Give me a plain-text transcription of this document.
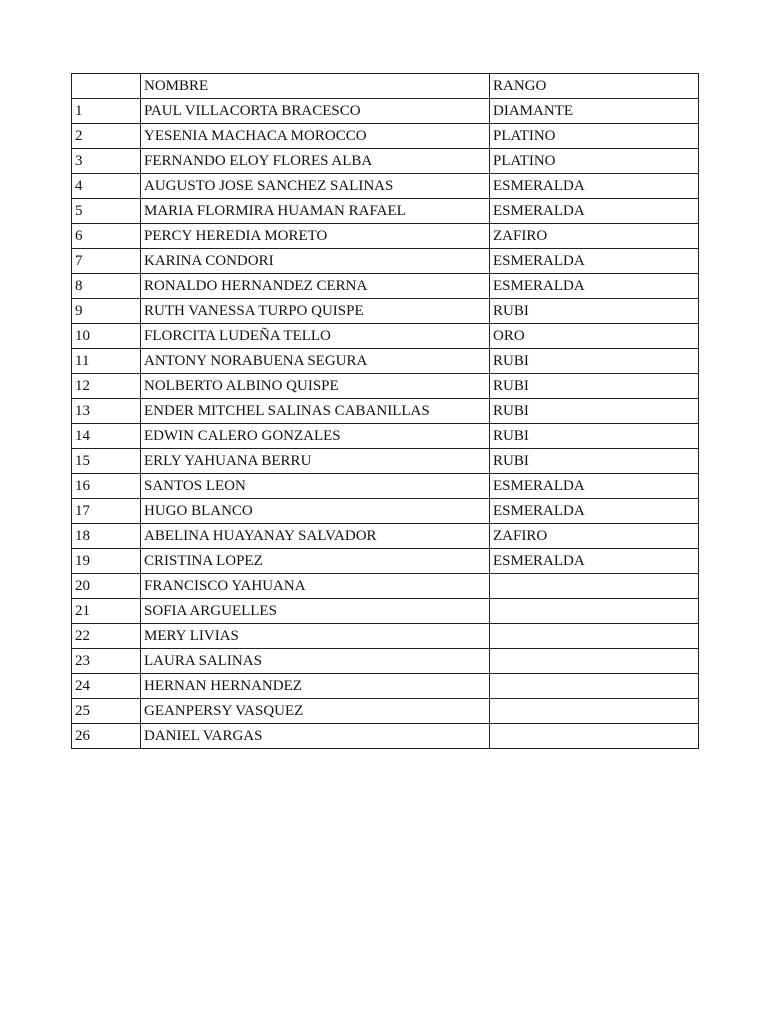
	NOMBRE	RANGO
1	PAUL VILLACORTA BRACESCO	DIAMANTE
2	YESENIA MACHACA MOROCCO	PLATINO
3	FERNANDO ELOY FLORES ALBA	PLATINO
4	AUGUSTO JOSE SANCHEZ SALINAS	ESMERALDA
5	MARIA FLORMIRA HUAMAN RAFAEL	ESMERALDA
6	PERCY HEREDIA MORETO	ZAFIRO
7	KARINA CONDORI	ESMERALDA
8	RONALDO HERNANDEZ CERNA	ESMERALDA
9	RUTH VANESSA TURPO QUISPE	RUBI
10	FLORCITA LUDEÑA TELLO	ORO
11	ANTONY NORABUENA SEGURA	RUBI
12	NOLBERTO ALBINO QUISPE	RUBI
13	ENDER MITCHEL SALINAS CABANILLAS	RUBI
14	EDWIN CALERO GONZALES	RUBI
15	ERLY YAHUANA BERRU	RUBI
16	SANTOS LEON	ESMERALDA
17	HUGO BLANCO	ESMERALDA
18	ABELINA HUAYANAY SALVADOR	ZAFIRO
19	CRISTINA LOPEZ	ESMERALDA
20	FRANCISCO YAHUANA	
21	SOFIA ARGUELLES	
22	MERY LIVIAS	
23	LAURA SALINAS	
24	HERNAN HERNANDEZ	
25	GEANPERSY VASQUEZ	
26	DANIEL VARGAS	
